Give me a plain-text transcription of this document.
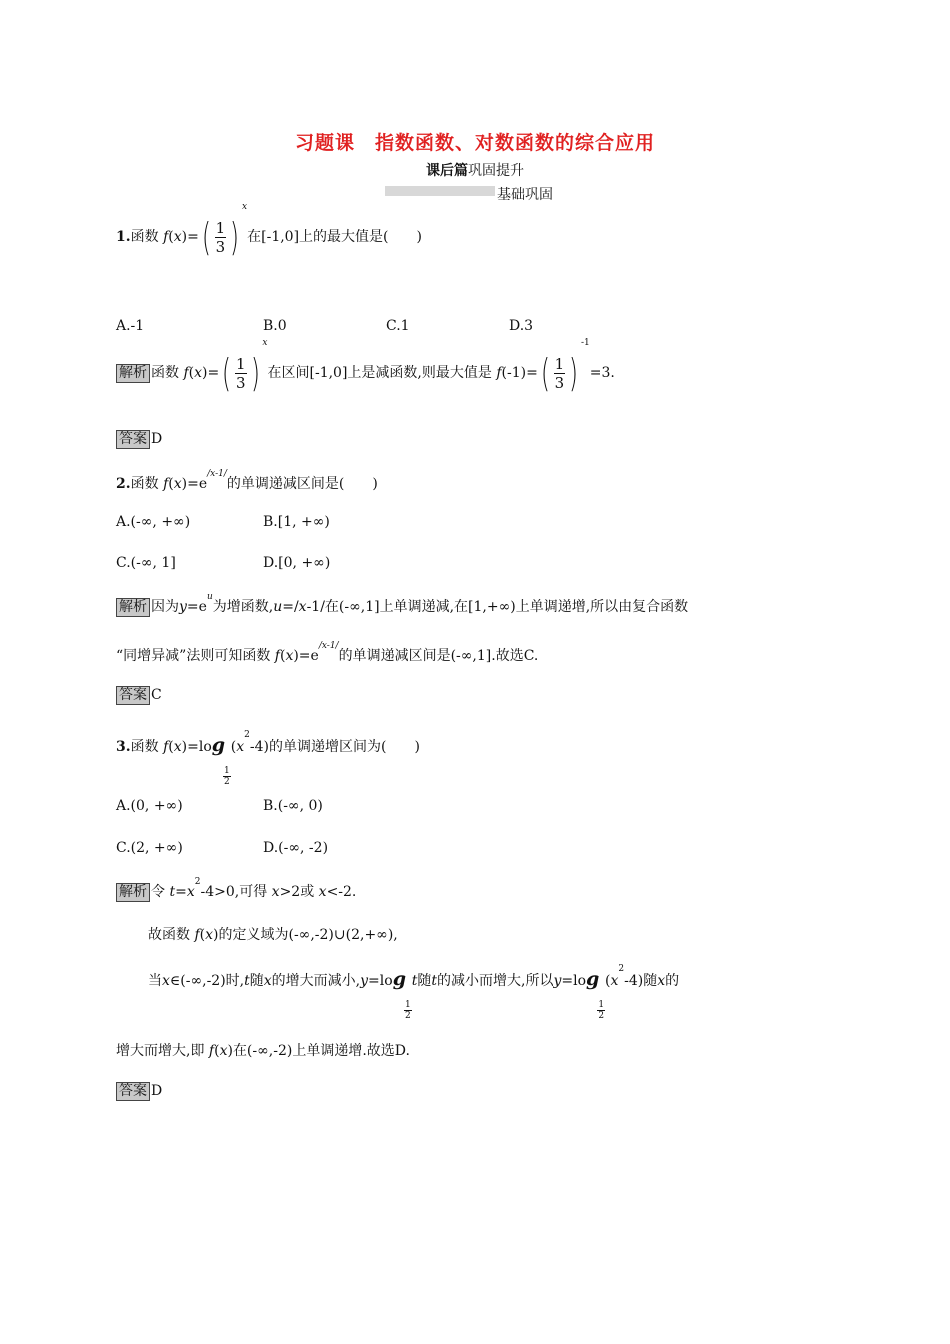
习题课　指数函数、对数函数的综合应用
课后篇巩固提升
基础巩固
1.函数 $f(x)=( \frac{1}{3} )^x$在[-1,0]上的最大值是(　　)
A.-1	B.0	C.1	D.3
解析 函数 $f(x)=( \frac{1}{3} )^x$在区间[-1,0]上是减函数,则最大值是 $f(-1)=( \frac{1}{3} )^{-1}=3$.
答案 D
2.函数 $f(x)=e^{/x-1/}$的单调递减区间是(　　)
A.(-∞, +∞)	B.[1, +∞)
C.(-∞, 1]	D.[0, +∞)
解析 因为$y=e^u$为增函数,u=/x-1/在(-∞,1]上单调递减,在[1,+∞)上单调递增,所以由复合函数
“同增异减”法则可知函数 $f(x)=e^{/x-1/}$的单调递减区间是(-∞,1].故选C.
答案 C
3.函数 f(x)=log
$\frac{1}{2}$
$(x^2-4)$的单调递增区间为(　　)
A.(0, +∞)	B.(-∞, 0)
C.(2, +∞)	D.(-∞, -2)
解析 令 $t=x^2-4>0$,可得 x>2或 x<-2.
故函数 f(x)的定义域为(-∞,-2)∪(2,+∞),
当x∈(-∞,-2)时,t随x的增大而减小,y=log
$\frac{1}{2}$
t随t的减小而增大,所以y=log
$\frac{1}{2}$
$(x^2-4)$随x的
增大而增大,即 f(x)在(-∞,-2)上单调递增.故选D.
答案 D
